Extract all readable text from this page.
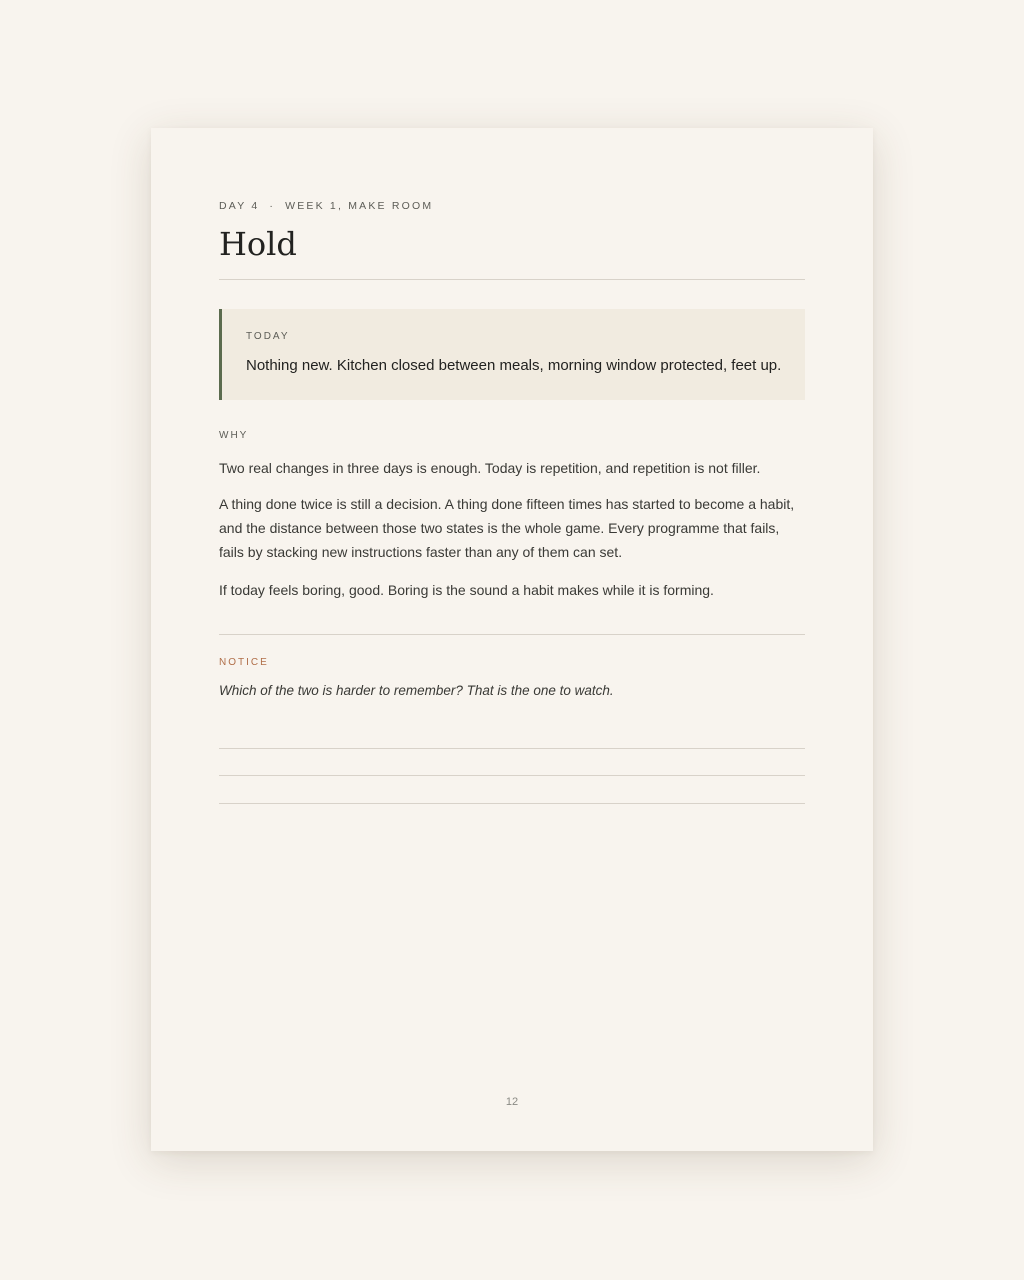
DAY 4 · WEEK 1, MAKE ROOM
Hold
TODAY
Nothing new. Kitchen closed between meals, morning window protected, feet up.
WHY

Two real changes in three days is enough. Today is repetition, and repetition is not filler.

A thing done twice is still a decision. A thing done fifteen times has started to become a habit, and the distance between those two states is the whole game. Every programme that fails, fails by stacking new instructions faster than any of them can set.

If today feels boring, good. Boring is the sound a habit makes while it is forming.

NOTICE
Which of the two is harder to remember? That is the one to watch.
12
